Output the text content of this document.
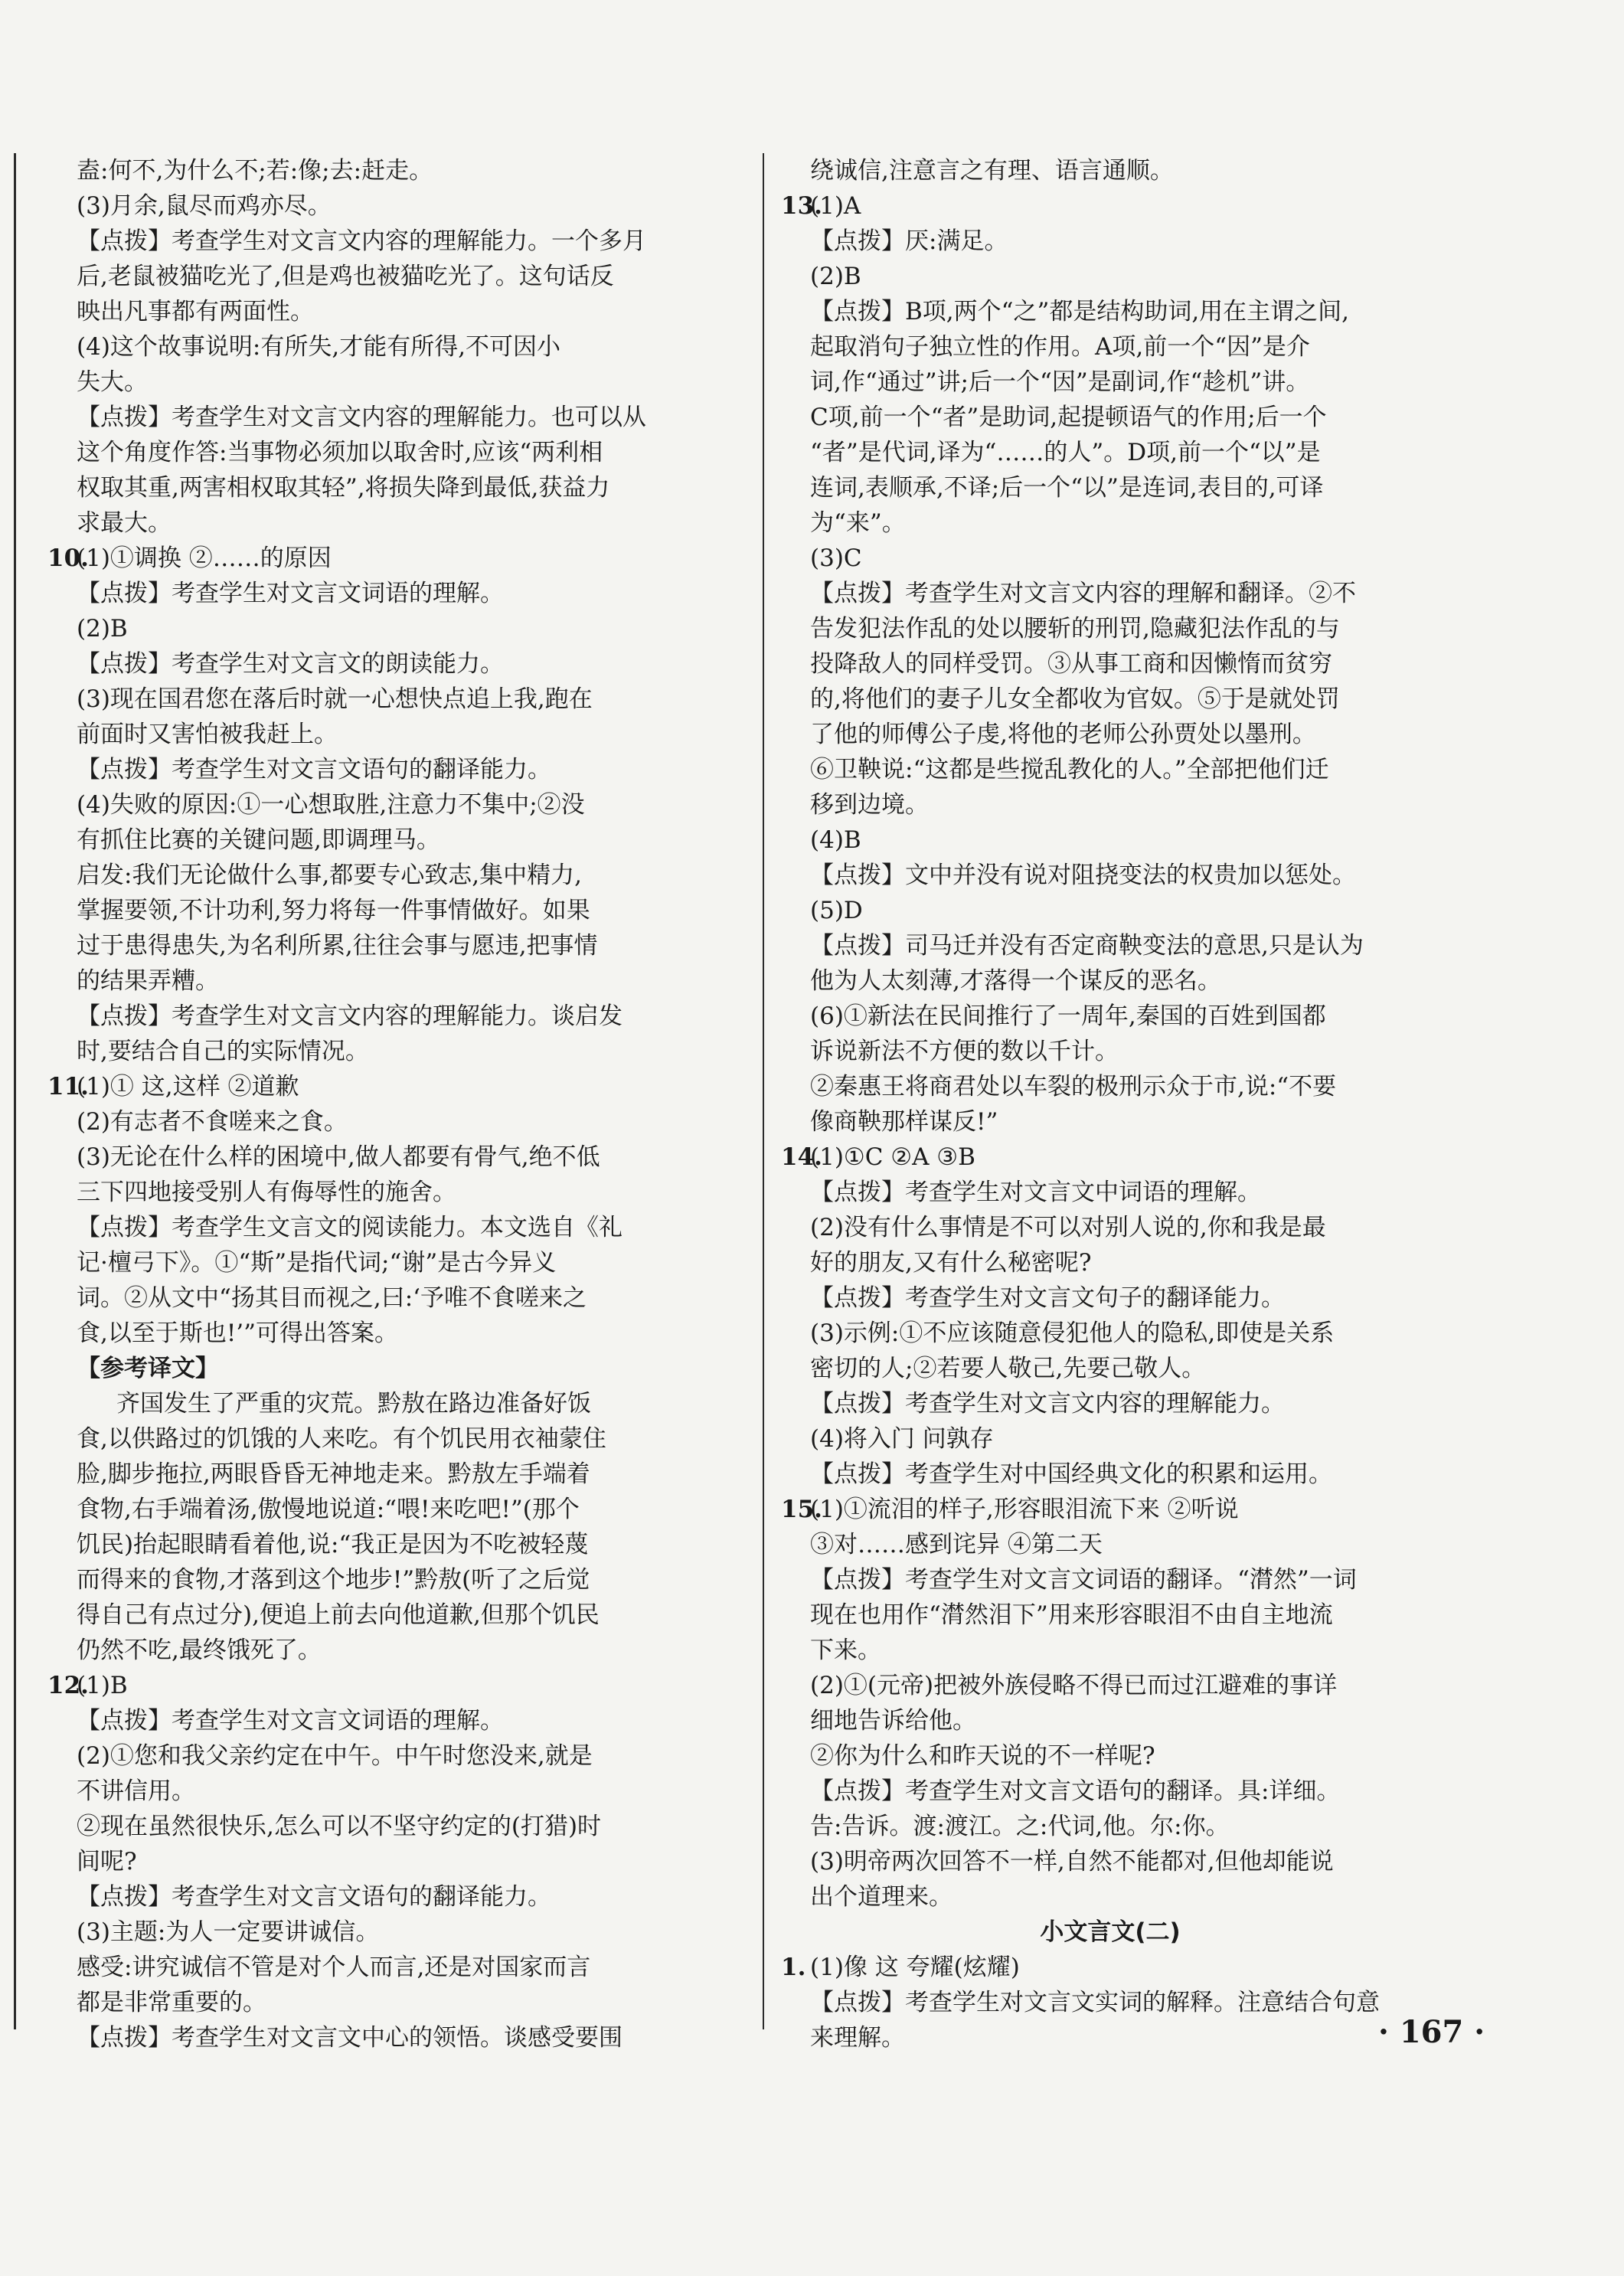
盍:何不,为什么不;若:像;去:赶走。
(3)月余,鼠尽而鸡亦尽。
【点拨】考查学生对文言文内容的理解能力。一个多月
后,老鼠被猫吃光了,但是鸡也被猫吃光了。这句话反
映出凡事都有两面性。
(4)这个故事说明:有所失,才能有所得,不可因小
失大。
【点拨】考查学生对文言文内容的理解能力。也可以从
这个角度作答:当事物必须加以取舍时,应该“两利相
权取其重,两害相权取其轻”,将损失降到最低,获益力
求最大。
10.(1)①调换 ②……的原因
【点拨】考查学生对文言文词语的理解。
(2)B
【点拨】考查学生对文言文的朗读能力。
(3)现在国君您在落后时就一心想快点追上我,跑在
前面时又害怕被我赶上。
【点拨】考查学生对文言文语句的翻译能力。
(4)失败的原因:①一心想取胜,注意力不集中;②没
有抓住比赛的关键问题,即调理马。
启发:我们无论做什么事,都要专心致志,集中精力,
掌握要领,不计功利,努力将每一件事情做好。如果
过于患得患失,为名利所累,往往会事与愿违,把事情
的结果弄糟。
【点拨】考查学生对文言文内容的理解能力。谈启发
时,要结合自己的实际情况。
11.(1)① 这,这样 ②道歉
(2)有志者不食嗟来之食。
(3)无论在什么样的困境中,做人都要有骨气,绝不低
三下四地接受别人有侮辱性的施舍。
【点拨】考查学生文言文的阅读能力。本文选自《礼
记·檀弓下》。①“斯”是指代词;“谢”是古今异义
词。②从文中“扬其目而视之,曰:‘予唯不食嗟来之
食,以至于斯也!’”可得出答案。
【参考译文】
齐国发生了严重的灾荒。黔敖在路边准备好饭
食,以供路过的饥饿的人来吃。有个饥民用衣袖蒙住
脸,脚步拖拉,两眼昏昏无神地走来。黔敖左手端着
食物,右手端着汤,傲慢地说道:“喂!来吃吧!”(那个
饥民)抬起眼睛看着他,说:“我正是因为不吃被轻蔑
而得来的食物,才落到这个地步!”黔敖(听了之后觉
得自己有点过分),便追上前去向他道歉,但那个饥民
仍然不吃,最终饿死了。
12.(1)B
【点拨】考查学生对文言文词语的理解。
(2)①您和我父亲约定在中午。中午时您没来,就是
不讲信用。
②现在虽然很快乐,怎么可以不坚守约定的(打猎)时
间呢?
【点拨】考查学生对文言文语句的翻译能力。
(3)主题:为人一定要讲诚信。
感受:讲究诚信不管是对个人而言,还是对国家而言
都是非常重要的。
【点拨】考查学生对文言文中心的领悟。谈感受要围
绕诚信,注意言之有理、语言通顺。
13.(1)A
【点拨】厌:满足。
(2)B
【点拨】B项,两个“之”都是结构助词,用在主谓之间,
起取消句子独立性的作用。A项,前一个“因”是介
词,作“通过”讲;后一个“因”是副词,作“趁机”讲。
C项,前一个“者”是助词,起提顿语气的作用;后一个
“者”是代词,译为“……的人”。D项,前一个“以”是
连词,表顺承,不译;后一个“以”是连词,表目的,可译
为“来”。
(3)C
【点拨】考查学生对文言文内容的理解和翻译。②不
告发犯法作乱的处以腰斩的刑罚,隐藏犯法作乱的与
投降敌人的同样受罚。③从事工商和因懒惰而贫穷
的,将他们的妻子儿女全都收为官奴。⑤于是就处罚
了他的师傅公子虔,将他的老师公孙贾处以墨刑。
⑥卫鞅说:“这都是些搅乱教化的人。”全部把他们迁
移到边境。
(4)B
【点拨】文中并没有说对阻挠变法的权贵加以惩处。
(5)D
【点拨】司马迁并没有否定商鞅变法的意思,只是认为
他为人太刻薄,才落得一个谋反的恶名。
(6)①新法在民间推行了一周年,秦国的百姓到国都
诉说新法不方便的数以千计。
②秦惠王将商君处以车裂的极刑示众于市,说:“不要
像商鞅那样谋反!”
14.(1)①C ②A ③B
【点拨】考查学生对文言文中词语的理解。
(2)没有什么事情是不可以对别人说的,你和我是最
好的朋友,又有什么秘密呢?
【点拨】考查学生对文言文句子的翻译能力。
(3)示例:①不应该随意侵犯他人的隐私,即使是关系
密切的人;②若要人敬己,先要己敬人。
【点拨】考查学生对文言文内容的理解能力。
(4)将入门 问孰存
【点拨】考查学生对中国经典文化的积累和运用。
15.(1)①流泪的样子,形容眼泪流下来 ②听说
③对……感到诧异 ④第二天
【点拨】考查学生对文言文词语的翻译。“潸然”一词
现在也用作“潸然泪下”用来形容眼泪不由自主地流
下来。
(2)①(元帝)把被外族侵略不得已而过江避难的事详
细地告诉给他。
②你为什么和昨天说的不一样呢?
【点拨】考查学生对文言文语句的翻译。具:详细。
告:告诉。渡:渡江。之:代词,他。尔:你。
(3)明帝两次回答不一样,自然不能都对,但他却能说
出个道理来。
小文言文(二)
1. (1)像 这 夸耀(炫耀)
【点拨】考查学生对文言文实词的解释。注意结合句意
来理解。	· 167 ·
